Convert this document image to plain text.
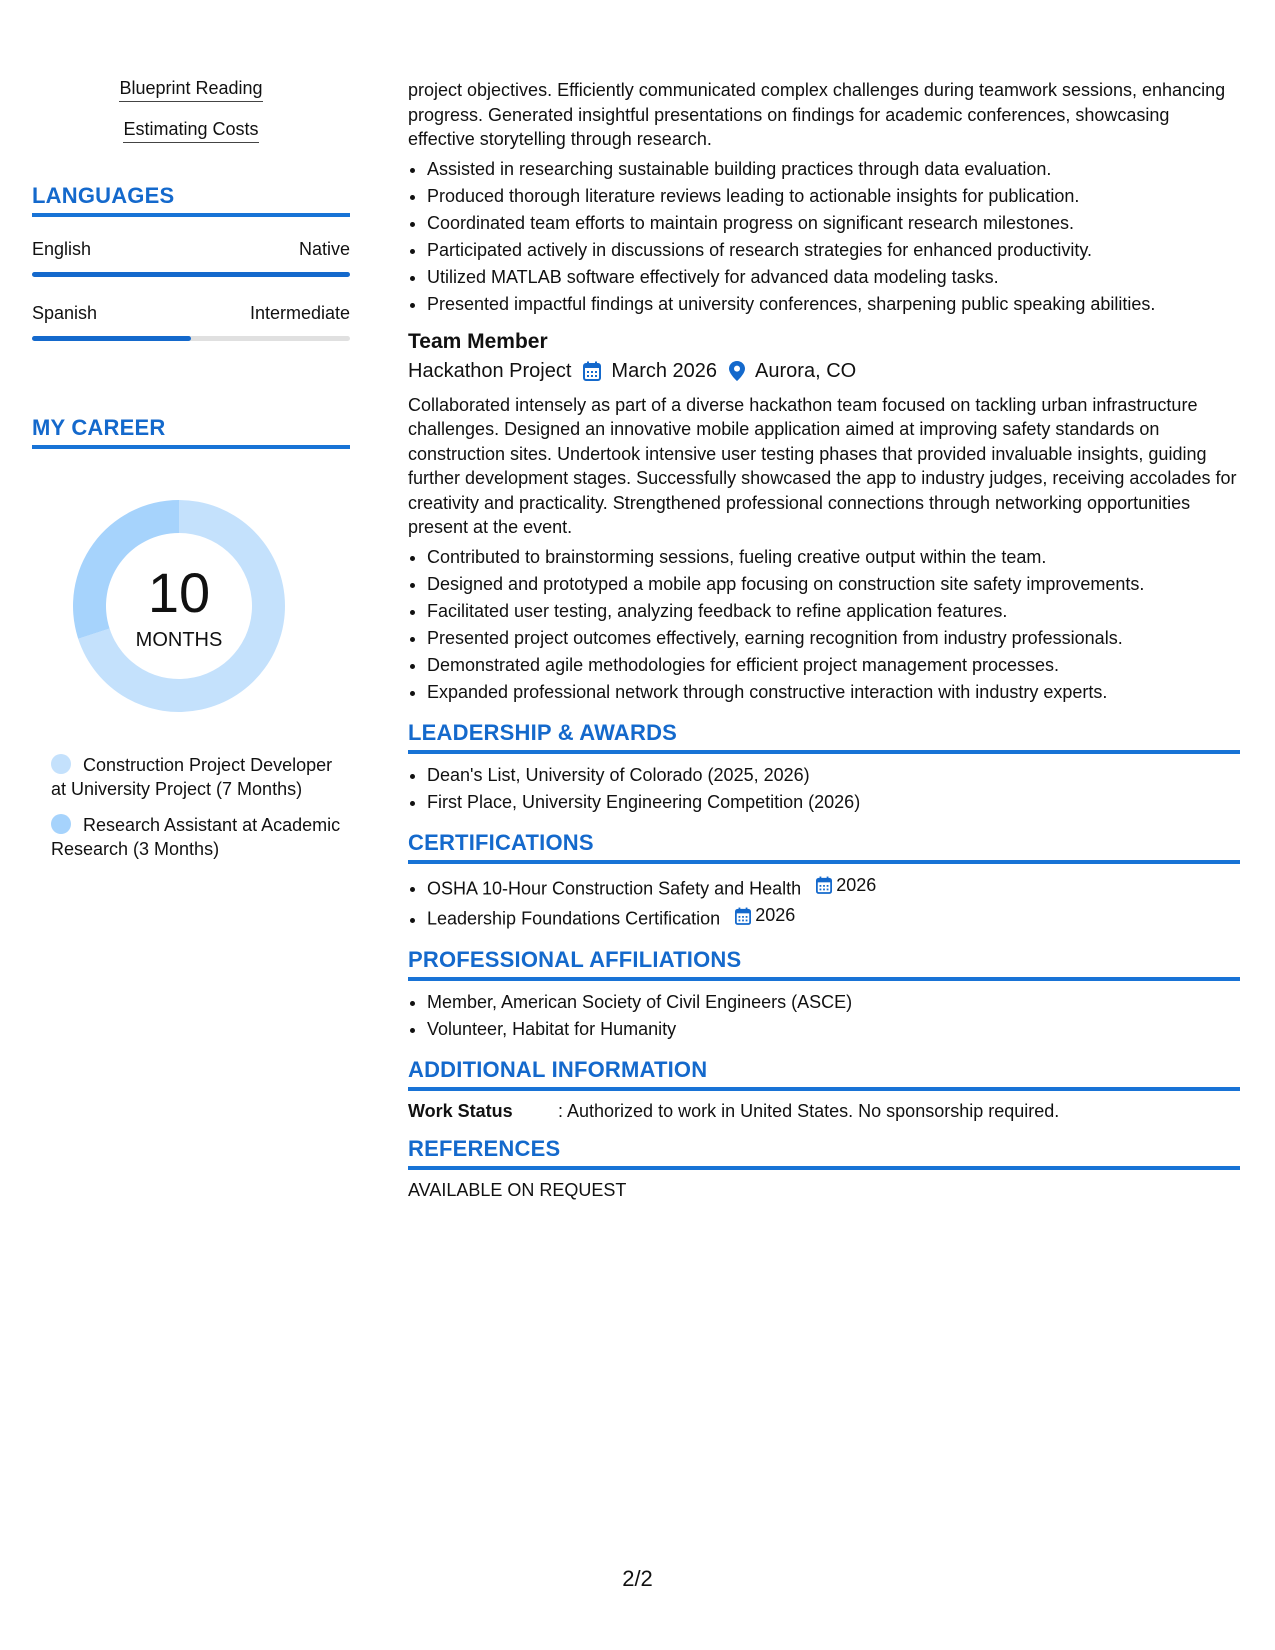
Blueprint Reading
Estimating Costs
LANGUAGES
English	Native
Spanish	Intermediate
MY CAREER
10
MONTHS
Construction Project Developer at University Project (7 Months)
Research Assistant at Academic Research (3 Months)
project objectives. Efficiently communicated complex challenges during teamwork sessions, enhancing progress. Generated insightful presentations on findings for academic conferences, showcasing effective storytelling through research.
• Assisted in researching sustainable building practices through data evaluation.
• Produced thorough literature reviews leading to actionable insights for publication.
• Coordinated team efforts to maintain progress on significant research milestones.
• Participated actively in discussions of research strategies for enhanced productivity.
• Utilized MATLAB software effectively for advanced data modeling tasks.
• Presented impactful findings at university conferences, sharpening public speaking abilities.
Team Member
Hackathon Project March 2026 Aurora, CO
Collaborated intensely as part of a diverse hackathon team focused on tackling urban infrastructure challenges. Designed an innovative mobile application aimed at improving safety standards on construction sites. Undertook intensive user testing phases that provided invaluable insights, guiding further development stages. Successfully showcased the app to industry judges, receiving accolades for creativity and practicality. Strengthened professional connections through networking opportunities present at the event.
• Contributed to brainstorming sessions, fueling creative output within the team.
• Designed and prototyped a mobile app focusing on construction site safety improvements.
• Facilitated user testing, analyzing feedback to refine application features.
• Presented project outcomes effectively, earning recognition from industry professionals.
• Demonstrated agile methodologies for efficient project management processes.
• Expanded professional network through constructive interaction with industry experts.
LEADERSHIP & AWARDS
• Dean's List, University of Colorado (2025, 2026)
• First Place, University Engineering Competition (2026)
CERTIFICATIONS
• OSHA 10-Hour Construction Safety and Health 2026
• Leadership Foundations Certification 2026
PROFESSIONAL AFFILIATIONS
• Member, American Society of Civil Engineers (ASCE)
• Volunteer, Habitat for Humanity
ADDITIONAL INFORMATION
Work Status	: Authorized to work in United States. No sponsorship required.
REFERENCES
AVAILABLE ON REQUEST
2/2
